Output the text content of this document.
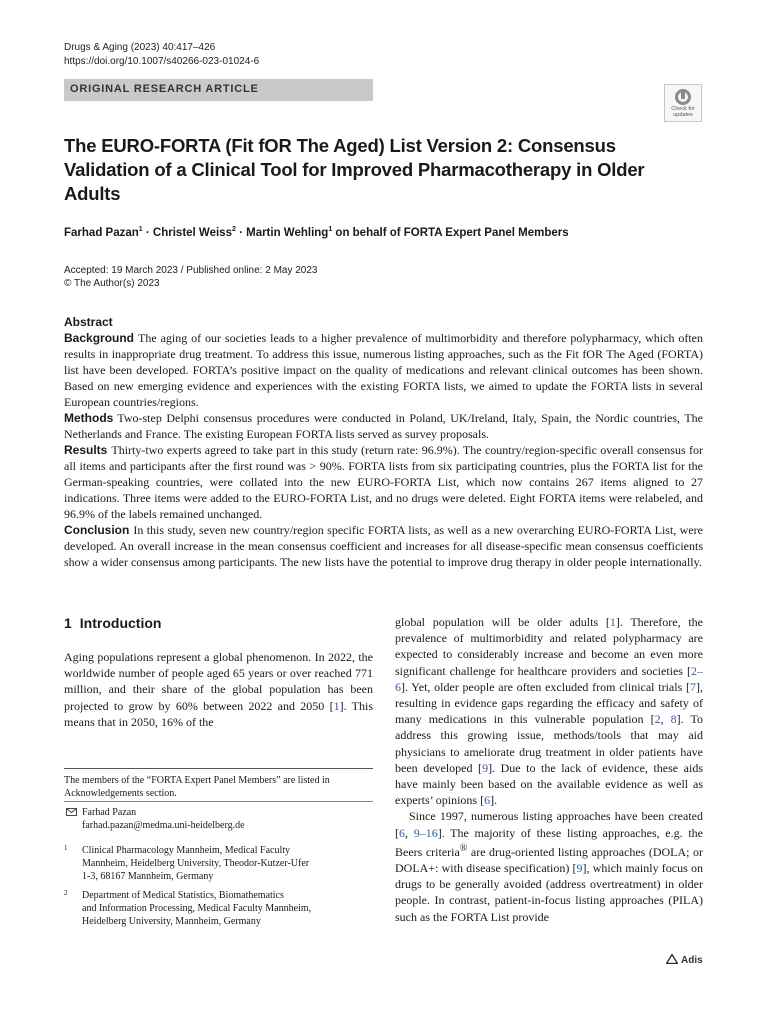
Drugs & Aging (2023) 40:417–426
https://doi.org/10.1007/s40266-023-01024-6
ORIGINAL RESEARCH ARTICLE
Check for
updates
The EURO-FORTA (Fit fOR The Aged) List Version 2: Consensus Validation of a Clinical Tool for Improved Pharmacotherapy in Older Adults
Farhad Pazan$^1$ · Christel Weiss$^2$ · Martin Wehling$^1$ on behalf of FORTA Expert Panel Members
Accepted: 19 March 2023 / Published online: 2 May 2023
© The Author(s) 2023
Abstract

Background The aging of our societies leads to a higher prevalence of multimorbidity and therefore polypharmacy, which often results in inappropriate drug treatment. To address this issue, numerous listing approaches, such as the Fit fOR The Aged (FORTA) list have been developed. FORTA’s positive impact on the quality of medications and relevant clinical outcomes has been shown. Based on new emerging evidence and experiences with the existing FORTA lists, we aimed to update the FORTA lists in several European countries/regions.

Methods Two-step Delphi consensus procedures were conducted in Poland, UK/Ireland, Italy, Spain, the Nordic countries, The Netherlands and France. The existing European FORTA lists served as survey proposals.

Results Thirty-two experts agreed to take part in this study (return rate: 96.9%). The country/region-specific overall consensus for all items and participants after the first round was > 90%. FORTA lists from six participating countries, plus the FORTA list for the German-speaking countries, were collated into the new EURO-FORTA List, which now contains 267 items aligned to 27 indications. Three items were added to the EURO-FORTA List, and no drugs were deleted. Eight FORTA items were relabeled, and 96.9% of the labels remained unchanged.

Conclusion In this study, seven new country/region specific FORTA lists, as well as a new overarching EURO-FORTA List, were developed. An overall increase in the mean consensus coefficient and increases for all disease-specific mean consensus coefficients show a wider consensus among participants. The new lists have the potential to improve drug therapy in older people internationally.

1 Introduction

Aging populations represent a global phenomenon. In 2022, the worldwide number of people aged 65 years or over reached 771 million, and their share of the global population has been projected to grow by 60% between 2022 and 2050 [1]. This means that in 2050, 16% of the

global population will be older adults [1]. Therefore, the prevalence of multimorbidity and related polypharmacy are expected to considerably increase and become an even more significant challenge for healthcare providers and societies [2–6]. Yet, older people are often excluded from clinical trials [7], resulting in evidence gaps regarding the efficacy and safety of many medications in this vulnerable population [2, 8]. To address this growing issue, methods/tools that may aid physicians to ameliorate drug treatment in older patients have been developed [9]. Due to the lack of evidence, these aids have mainly been based on the available evidence as well as experts’ opinions [6].

Since 1997, numerous listing approaches have been created [6, 9–16]. The majority of these listing approaches, e.g. the Beers criteria® are drug-oriented listing approaches (DOLA; or DOLA+: with disease specification) [9], which mainly focus on drugs to be generally avoided (address overtreatment) in older people. In contrast, patient-in-focus listing approaches (PILA) such as the FORTA List provide

The members of the “FORTA Expert Panel Members” are listed in Acknowledgements section.
Farhad Pazan
farhad.pazan@medma.uni-heidelberg.de
1 Clinical Pharmacology Mannheim, Medical Faculty
Mannheim, Heidelberg University, Theodor-Kutzer-Ufer
1-3, 68167 Mannheim, Germany
2 Department of Medical Statistics, Biomathematics
and Information Processing, Medical Faculty Mannheim,
Heidelberg University, Mannheim, Germany
Adis
